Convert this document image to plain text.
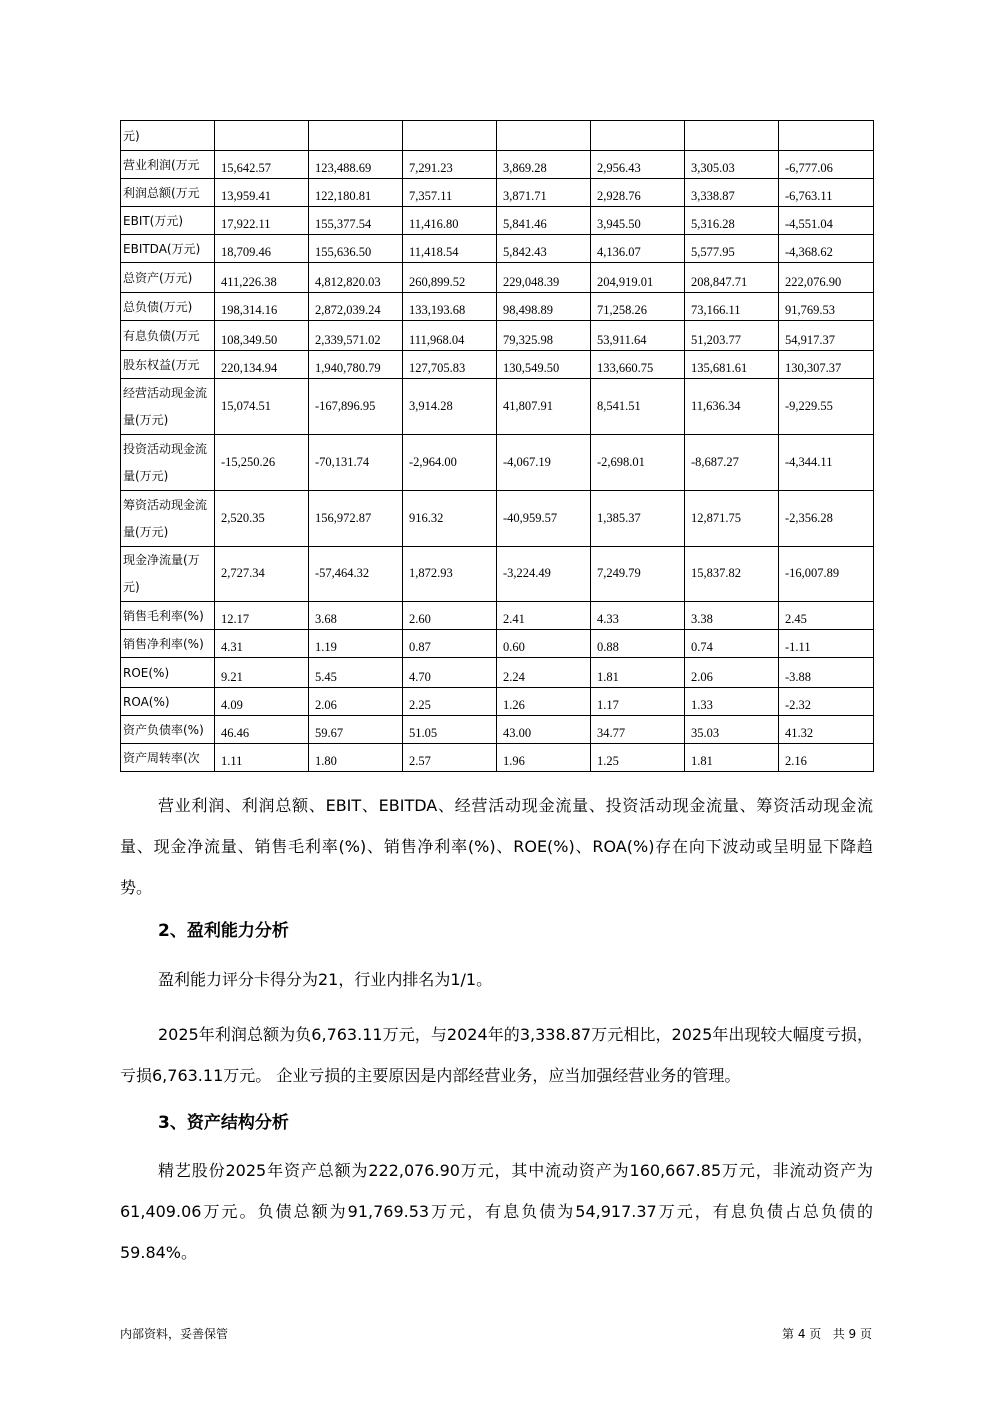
元)							
营业利润(万元	15,642.57	123,488.69	7,291.23	3,869.28	2,956.43	3,305.03	-6,777.06
利润总额(万元	13,959.41	122,180.81	7,357.11	3,871.71	2,928.76	3,338.87	-6,763.11
EBIT(万元)	17,922.11	155,377.54	11,416.80	5,841.46	3,945.50	5,316.28	-4,551.04
EBITDA(万元)	18,709.46	155,636.50	11,418.54	5,842.43	4,136.07	5,577.95	-4,368.62
总资产(万元)	411,226.38	4,812,820.03	260,899.52	229,048.39	204,919.01	208,847.71	222,076.90
总负债(万元)	198,314.16	2,872,039.24	133,193.68	98,498.89	71,258.26	73,166.11	91,769.53
有息负债(万元	108,349.50	2,339,571.02	111,968.04	79,325.98	53,911.64	51,203.77	54,917.37
股东权益(万元	220,134.94	1,940,780.79	127,705.83	130,549.50	133,660.75	135,681.61	130,307.37
经营活动现金流量(万元)	15,074.51	-167,896.95	3,914.28	41,807.91	8,541.51	11,636.34	-9,229.55
投资活动现金流量(万元)	-15,250.26	-70,131.74	-2,964.00	-4,067.19	-2,698.01	-8,687.27	-4,344.11
筹资活动现金流量(万元)	2,520.35	156,972.87	916.32	-40,959.57	1,385.37	12,871.75	-2,356.28
现金净流量(万元)	2,727.34	-57,464.32	1,872.93	-3,224.49	7,249.79	15,837.82	-16,007.89
销售毛利率(%)	12.17	3.68	2.60	2.41	4.33	3.38	2.45
销售净利率(%)	4.31	1.19	0.87	0.60	0.88	0.74	-1.11
ROE(%)	9.21	5.45	4.70	2.24	1.81	2.06	-3.88
ROA(%)	4.09	2.06	2.25	1.26	1.17	1.33	-2.32
资产负债率(%)	46.46	59.67	51.05	43.00	34.77	35.03	41.32
资产周转率(次	1.11	1.80	2.57	1.96	1.25	1.81	2.16

营业利润、利润总额、EBIT、EBITDA、经营活动现金流量、投资活动现金流量、筹资活动现金流量、现金净流量、销售毛利率(%)、销售净利率(%)、ROE(%)、ROA(%)存在向下波动或呈明显下降趋势。

2、盈利能力分析

盈利能力评分卡得分为21，行业内排名为1/1。

2025年利润总额为负6,763.11万元，与2024年的3,338.87万元相比，2025年出现较大幅度亏损，亏损6,763.11万元。 企业亏损的主要原因是内部经营业务，应当加强经营业务的管理。

3、资产结构分析

精艺股份2025年资产总额为222,076.90万元，其中流动资产为160,667.85万元，非流动资产为61,409.06万元。负债总额为91,769.53万元，有息负债为54,917.37万元，有息负债占总负债的59.84%。

内部资料，妥善保管	第 4 页   共 9 页
